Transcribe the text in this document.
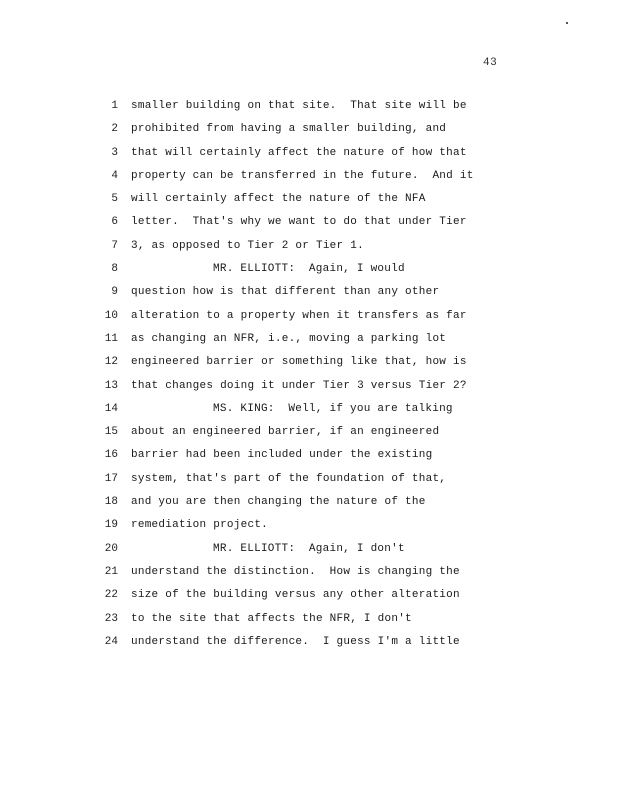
43
1 smaller building on that site.  That site will be
2 prohibited from having a smaller building, and
3 that will certainly affect the nature of how that
4 property can be transferred in the future.  And it
5 will certainly affect the nature of the NFA
6 letter.  That's why we want to do that under Tier
7 3, as opposed to Tier 2 or Tier 1.
8	MR. ELLIOTT:  Again, I would
9 question how is that different than any other
10 alteration to a property when it transfers as far
11 as changing an NFR, i.e., moving a parking lot
12 engineered barrier or something like that, how is
13 that changes doing it under Tier 3 versus Tier 2?
14	MS. KING:  Well, if you are talking
15 about an engineered barrier, if an engineered
16 barrier had been included under the existing
17 system, that's part of the foundation of that,
18 and you are then changing the nature of the
19 remediation project.
20	MR. ELLIOTT:  Again, I don't
21 understand the distinction.  How is changing the
22 size of the building versus any other alteration
23 to the site that affects the NFR, I don't
24 understand the difference.  I guess I'm a little
